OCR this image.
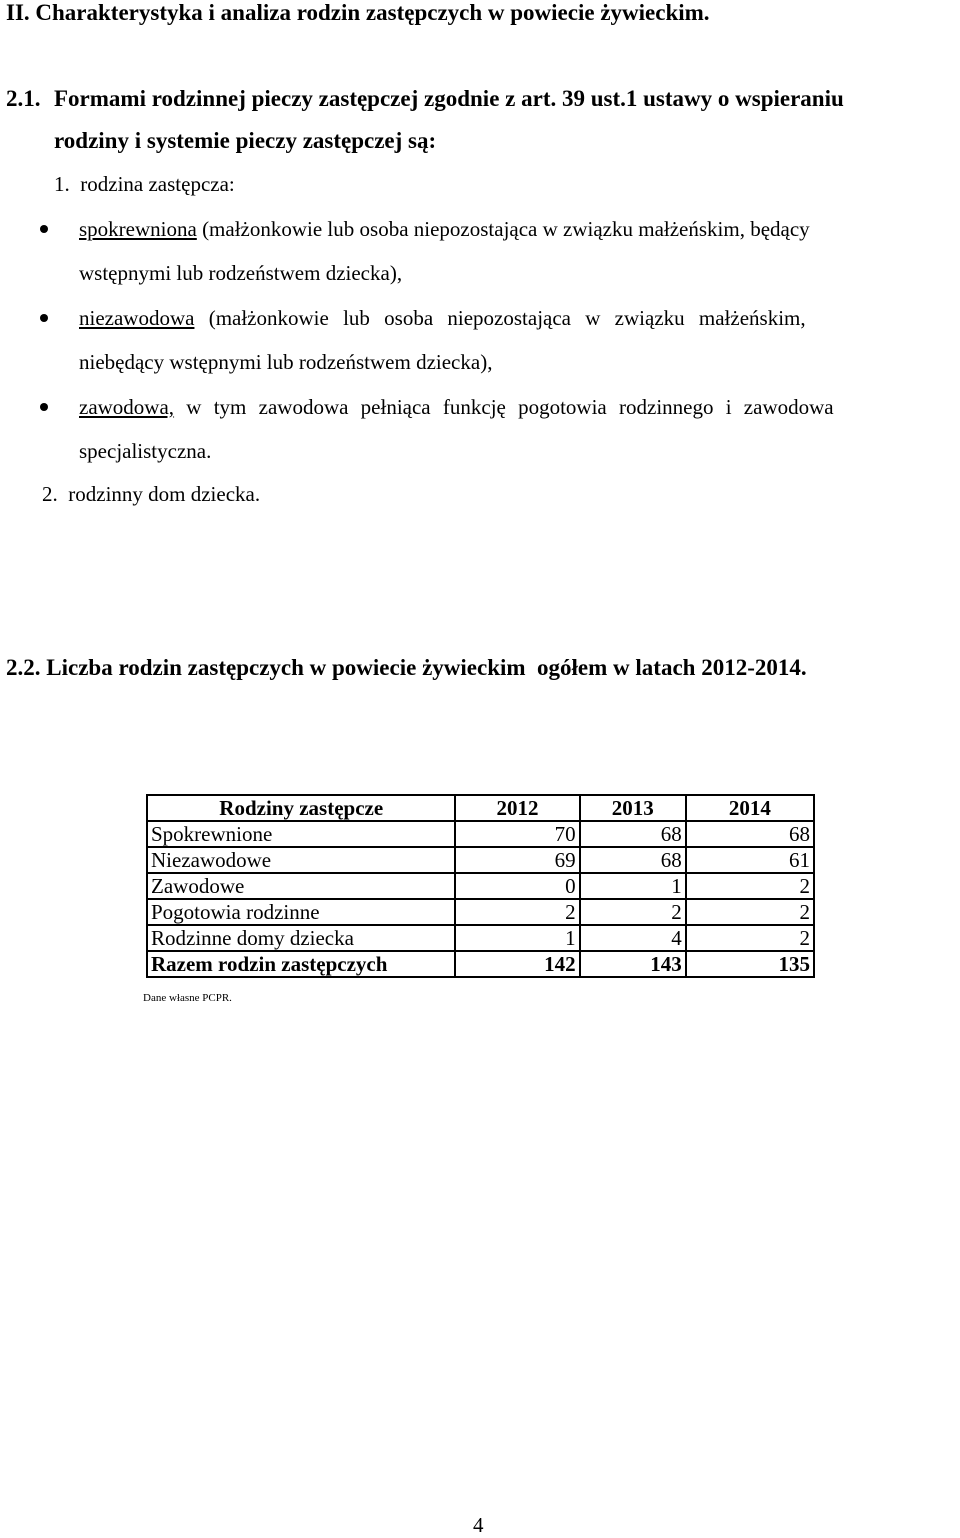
II. Charakterystyka i analiza rodzin zastępczych w powiecie żywieckim.
2.1. Formami rodzinnej pieczy zastępczej zgodnie z art. 39 ust.1 ustawy o wspieraniu
rodziny i systemie pieczy zastępczej są:
1.  rodzina zastępcza:
spokrewniona (małżonkowie lub osoba niepozostająca w związku małżeńskim, będący
wstępnymi lub rodzeństwem dziecka),
niezawodowa (małżonkowie lub osoba niepozostająca w związku małżeńskim,
niebędący wstępnymi lub rodzeństwem dziecka),
zawodowa, w tym zawodowa pełniąca funkcję pogotowia rodzinnego i zawodowa
specjalistyczna.
2.  rodzinny dom dziecka.
2.2. Liczba rodzin zastępczych w powiecie żywieckim  ogółem w latach 2012-2014.
Rodziny zastępcze	2012	2013	2014
Spokrewnione	70	68	68
Niezawodowe	69	68	61
Zawodowe	0	1	2
Pogotowia rodzinne	2	2	2
Rodzinne domy dziecka	1	4	2
Razem rodzin zastępczych	142	143	135
Dane własne PCPR.
4
